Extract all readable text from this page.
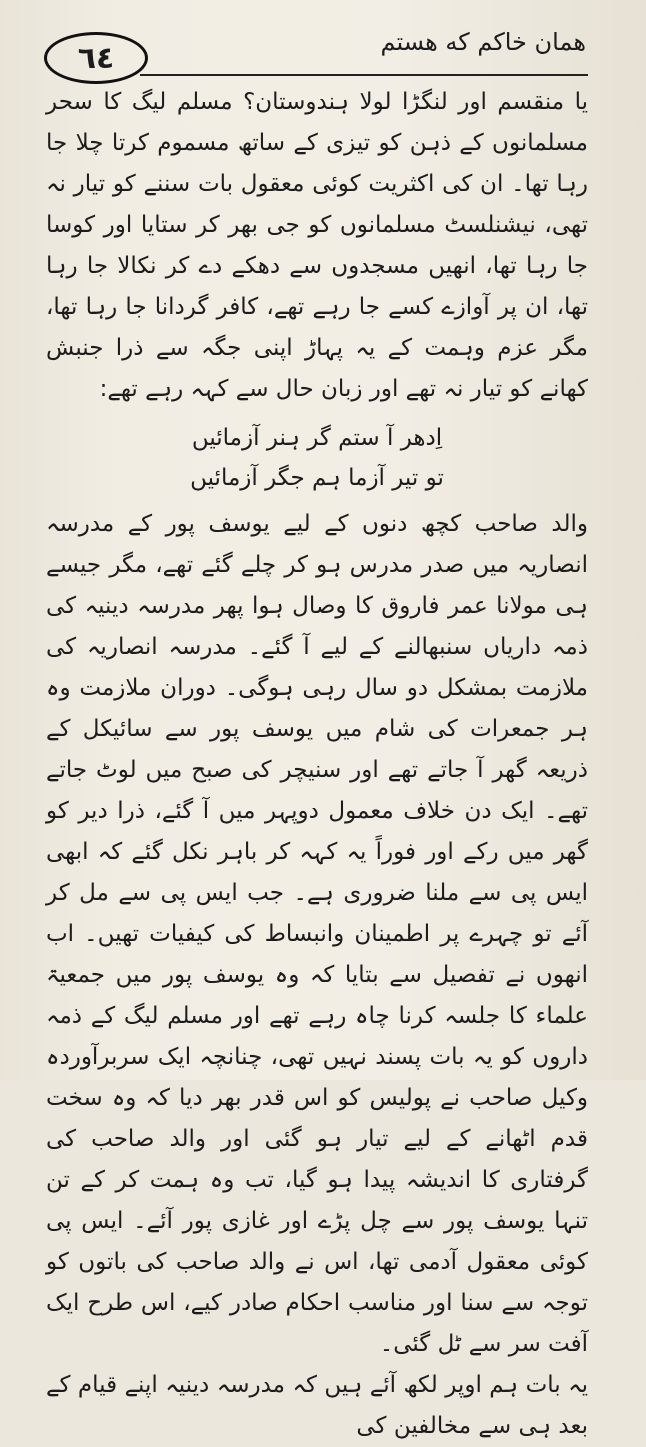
٦٤	همان خاکم که هستم

یا منقسم اور لنگڑا لولا ہندوستان؟ مسلم لیگ کا سحر مسلمانوں کے ذہن کو تیزی کے ساتھ مسموم کرتا چلا جا رہا تھا۔ ان کی اکثریت کوئی معقول بات سننے کو تیار نہ تھی، نیشنلسٹ مسلمانوں کو جی بھر کر ستایا اور کوسا جا رہا تھا، انھیں مسجدوں سے دھکے دے کر نکالا جا رہا تھا، ان پر آوازے کسے جا رہے تھے، کافر گردانا جا رہا تھا، مگر عزم وہمت کے یہ پہاڑ اپنی جگہ سے ذرا جنبش کھانے کو تیار نہ تھے اور زبان حال سے کہہ رہے تھے:

اِدھر آ ستم گر ہنر آزمائیں
تو تیر آزما ہم جگر آزمائیں

والد صاحب کچھ دنوں کے لیے یوسف پور کے مدرسہ انصاریہ میں صدر مدرس ہو کر چلے گئے تھے، مگر جیسے ہی مولانا عمر فاروق کا وصال ہوا پھر مدرسہ دینیہ کی ذمہ داریاں سنبھالنے کے لیے آ گئے۔ مدرسہ انصاریہ کی ملازمت بمشکل دو سال رہی ہوگی۔ دوران ملازمت وہ ہر جمعرات کی شام میں یوسف پور سے سائیکل کے ذریعہ گھر آ جاتے تھے اور سنیچر کی صبح میں لوٹ جاتے تھے۔ ایک دن خلاف معمول دوپہر میں آ گئے، ذرا دیر کو گھر میں رکے اور فوراً یہ کہہ کر باہر نکل گئے کہ ابھی ایس پی سے ملنا ضروری ہے۔ جب ایس پی سے مل کر آئے تو چہرے پر اطمینان وانبساط کی کیفیات تھیں۔ اب انھوں نے تفصیل سے بتایا کہ وہ یوسف پور میں جمعیۃ علماء کا جلسہ کرنا چاہ رہے تھے اور مسلم لیگ کے ذمہ داروں کو یہ بات پسند نہیں تھی، چنانچہ ایک سربرآوردہ وکیل صاحب نے پولیس کو اس قدر بھر دیا کہ وہ سخت قدم اٹھانے کے لیے تیار ہو گئی اور والد صاحب کی گرفتاری کا اندیشہ پیدا ہو گیا، تب وہ ہمت کر کے تن تنہا یوسف پور سے چل پڑے اور غازی پور آئے۔ ایس پی کوئی معقول آدمی تھا، اس نے والد صاحب کی باتوں کو توجہ سے سنا اور مناسب احکام صادر کیے، اس طرح ایک آفت سر سے ٹل گئی۔

یہ بات ہم اوپر لکھ آئے ہیں کہ مدرسہ دینیہ اپنے قیام کے بعد ہی سے مخالفین کی
